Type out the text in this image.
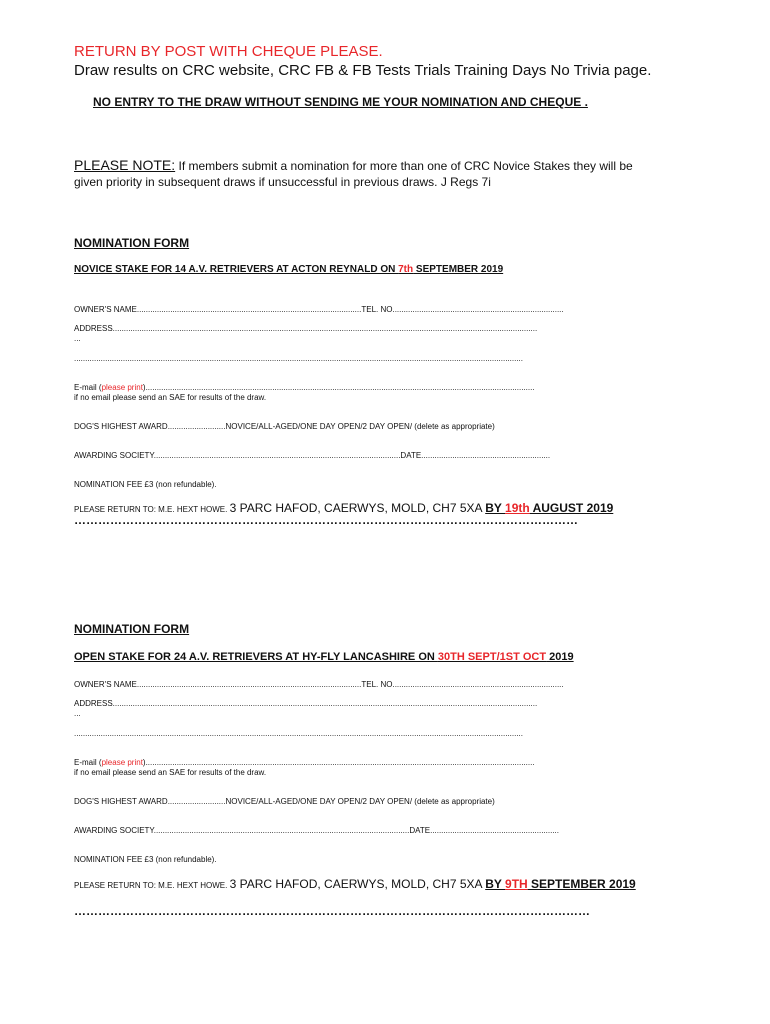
RETURN BY POST WITH CHEQUE PLEASE.
Draw results on CRC website, CRC FB & FB Tests Trials Training Days No Trivia page.
NO ENTRY TO THE DRAW WITHOUT SENDING ME YOUR NOMINATION AND CHEQUE .
PLEASE NOTE: If members submit a nomination for more than one of CRC Novice Stakes they will be
given priority in subsequent draws if unsuccessful in previous draws. J Regs 7i
NOMINATION FORM
NOVICE STAKE FOR 14 A.V. RETRIEVERS AT ACTON REYNALD ON 7th SEPTEMBER 2019
OWNER'S NAME.....................................................................................................TEL. NO.............................................................................
ADDRESS...............................................................................................................................................................................................
...
..........................................................................................................................................................................................................
E-mail (please print)...............................................................................................................................................................................
if no email please send an SAE for results of the draw.
DOG'S HIGHEST AWARD..........................NOVICE/ALL-AGED/ONE DAY OPEN/2 DAY OPEN/ (delete as appropriate)
AWARDING SOCIETY...............................................................................................................DATE..........................................................
NOMINATION FEE £3 (non refundable).
PLEASE RETURN TO: M.E. HEXT HOWE. 3 PARC HAFOD, CAERWYS, MOLD, CH7 5XA BY 19th AUGUST 2019
………………………………………………………………………………………………………………
NOMINATION FORM
OPEN STAKE FOR 24 A.V. RETRIEVERS AT HY-FLY LANCASHIRE ON 30TH SEPT/1ST OCT 2019
OWNER'S NAME.....................................................................................................TEL. NO.............................................................................
ADDRESS...............................................................................................................................................................................................
...
..........................................................................................................................................................................................................
E-mail (please print)...............................................................................................................................................................................
if no email please send an SAE for results of the draw.
DOG'S HIGHEST AWARD..........................NOVICE/ALL-AGED/ONE DAY OPEN/2 DAY OPEN/ (delete as appropriate)
AWARDING SOCIETY...................................................................................................................DATE..........................................................
NOMINATION FEE £3 (non refundable).
PLEASE RETURN TO: M.E. HEXT HOWE. 3 PARC HAFOD, CAERWYS, MOLD, CH7 5XA BY 9TH SEPTEMBER 2019
…………………………………………………………………………………………………………………
